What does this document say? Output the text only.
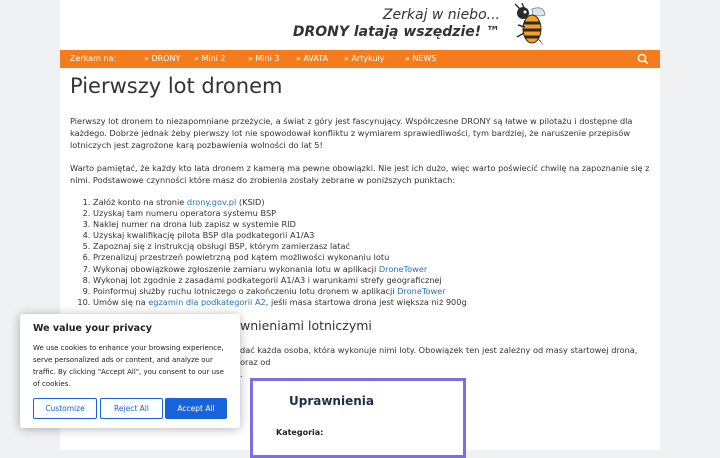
Zerkaj w niebo...
DRONY latają wszędzie! ™
Zerkam na:	» DRONY » Mini 2	» Mini 3 » AVATA » Artykuły	» NEWS
Pierwszy lot dronem

Pierwszy lot dronem to niezapomniane przeżycie, a świat z góry jest fascynujący. Współczesne DRONY są łatwe w pilotażu i dostępne dla każdego. Dobrze jednak żeby pierwszy lot nie spowodował konfliktu z wymiarem sprawiedliwości, tym bardziej, że naruszenie przepisów lotniczych jest zagrożone karą pozbawienia wolności do lat 5!

Warto pamiętać, że każdy kto lata dronem z kamerą ma pewne obowiązki. Nie jest ich dużo, więc warto poświecić chwilę na zapoznanie się z nimi. Podstawowe czynności które masz do zrobienia zostały zebrane w poniższych punktach:

1. Załóż konto na stronie drony.gov.pl (KSID)
2. Uzyskaj tam numeru operatora systemu BSP
3. Naklej numer na drona lub zapisz w systemie RID
4. Uzyskaj kwalifikację pilota BSP dla podkategorii A1/A3
5. Zapoznaj się z instrukcją obsługi BSP, którym zamierzasz latać
6. Przenalizuj przestrzeń powietrzną pod kątem możliwości wykonaniu lotu
7. Wykonaj obowiązkowe zgłoszenie zamiaru wykonania lotu w aplikacji DroneTower
8. Wykonaj lot zgodnie z zasadami podkategorii A1/A3 i warunkami strefy geograficznej
9. Poinformuj służby ruchu lotniczego o zakończeniu lotu dronem w aplikacji DroneTower
10. Umów się na egzamin dla podkategorii A2, jeśli masa startowa drona jest większa niż 900g
wnieniami lotniczymi
dać każda osoba, która wykonuje nimi loty. Obowiązek ten jest zależny od masy startowej drona, oraz od
.
Uprawnienia
Kategoria:
We value your privacy
We use cookies to enhance your browsing experience, serve personalized ads or content, and analyze our traffic. By clicking "Accept All", you consent to our use of cookies.
Customize	Reject All	Accept All
